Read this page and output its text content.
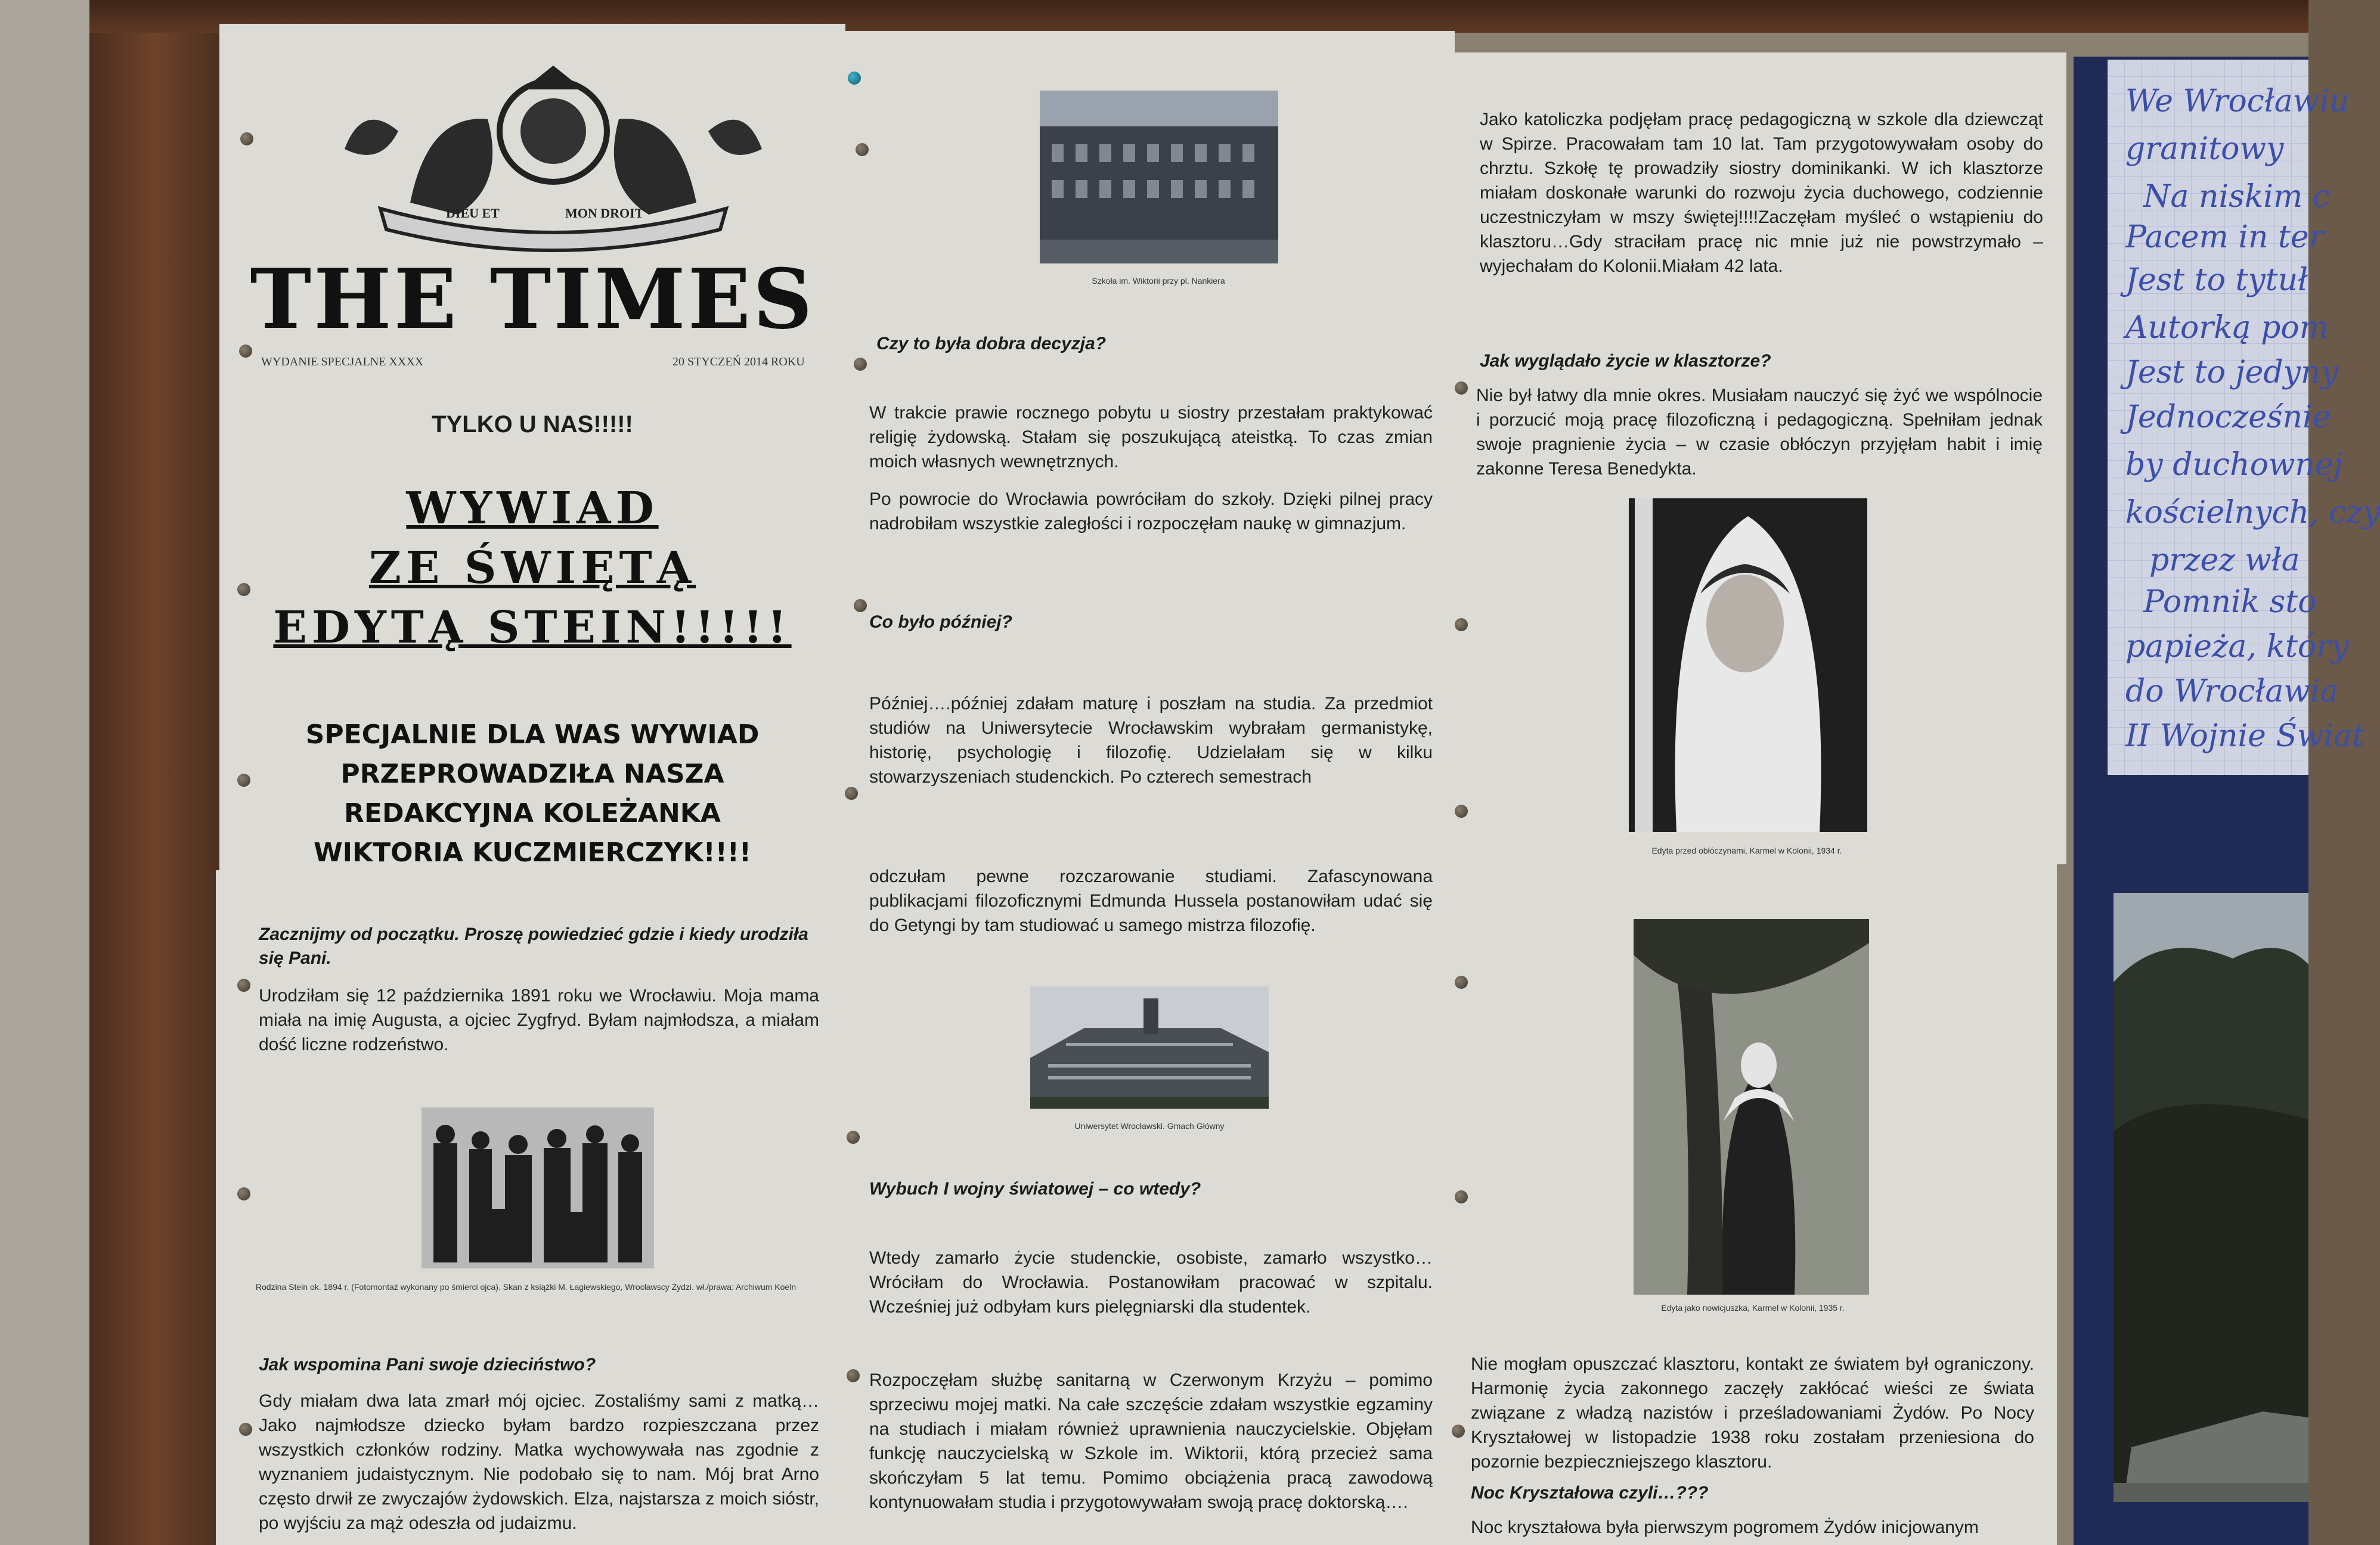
DIEU ET	MON DROIT
THE TIMES
WYDANIE SPECJALNE XXXX	20 STYCZEŃ 2014 ROKU
TYLKO U NAS!!!!!
WYWIAD
ZE ŚWIĘTĄ
EDYTĄ STEIN!!!!!
SPECJALNIE DLA WAS WYWIAD
PRZEPROWADZIŁA NASZA
REDAKCYJNA KOLEŻANKA
WIKTORIA KUCZMIERCZYK!!!!
Zacznijmy od początku. Proszę powiedzieć gdzie i kiedy urodziła się Pani.
Urodziłam się 12 października 1891 roku we Wrocławiu. Moja mama miała na imię Augusta, a ojciec Zygfryd. Byłam najmłodsza, a miałam dość liczne rodzeństwo.
Rodzina Stein ok. 1894 r. (Fotomontaż wykonany po śmierci ojca). Skan z książki M. Łagiewskiego, Wrocławscy Żydzi. wł./prawa: Archiwum Koeln
Jak wspomina Pani swoje dzieciństwo?
Gdy miałam dwa lata zmarł mój ojciec. Zostaliśmy sami z matką…Jako najmłodsze dziecko byłam bardzo rozpieszczana przez wszystkich członków rodziny. Matka wychowywała nas zgodnie z wyznaniem judaistycznym. Nie podobało się to nam. Mój brat Arno często drwił ze zwyczajów żydowskich. Elza, najstarsza z moich sióstr, po wyjściu za mąż odeszła od judaizmu.
Szkoła im. Wiktorii przy pl. Nankiera
Czy to była dobra decyzja?
W trakcie prawie rocznego pobytu u siostry przestałam praktykować religię żydowską. Stałam się poszukującą ateistką. To czas zmian moich własnych wewnętrznych.
Po powrocie do Wrocławia powróciłam do szkoły. Dzięki pilnej pracy nadrobiłam wszystkie zaległości i rozpoczęłam naukę w gimnazjum.
Co było później?
Później….później zdałam maturę i poszłam na studia. Za przedmiot studiów na Uniwersytecie Wrocławskim wybrałam germanistykę, historię, psychologię i filozofię. Udzielałam się w kilku stowarzyszeniach studenckich. Po czterech semestrach
odczułam pewne rozczarowanie studiami. Zafascynowana publikacjami filozoficznymi Edmunda Hussela postanowiłam udać się do Getyngi by tam studiować u samego mistrza filozofię.
Uniwersytet Wrocławski. Gmach Główny
Wybuch I wojny światowej – co wtedy?
Wtedy zamarło życie studenckie, osobiste, zamarło wszystko…Wróciłam do Wrocławia. Postanowiłam pracować w szpitalu. Wcześniej już odbyłam kurs pielęgniarski dla studentek.
Rozpoczęłam służbę sanitarną w Czerwonym Krzyżu – pomimo sprzeciwu mojej matki. Na całe szczęście zdałam wszystkie egzaminy na studiach i miałam również uprawnienia nauczycielskie. Objęłam funkcję nauczycielską w Szkole im. Wiktorii, którą przecież sama skończyłam 5 lat temu. Pomimo obciążenia pracą zawodową kontynuowałam studia i przygotowywałam swoją pracę doktorską….
Jako katoliczka podjęłam pracę pedagogiczną w szkole dla dziewcząt w Spirze. Pracowałam tam 10 lat. Tam przygotowywałam osoby do chrztu. Szkołę tę prowadziły siostry dominikanki. W ich klasztorze miałam doskonałe warunki do rozwoju życia duchowego, codziennie uczestniczyłam w mszy świętej!!!!Zaczęłam myśleć o wstąpieniu do klasztoru…Gdy straciłam pracę nic mnie już nie powstrzymało – wyjechałam do Kolonii.Miałam 42 lata.
Jak wyglądało życie w klasztorze?
Nie był łatwy dla mnie okres. Musiałam nauczyć się żyć we wspólnocie i porzucić moją pracę filozoficzną i pedagogiczną. Spełniłam jednak swoje pragnienie życia – w czasie obłóczyn przyjęłam habit i imię zakonne Teresa Benedykta.
Edyta przed obłóczynami, Karmel w Kolonii, 1934 r.
Edyta jako nowicjuszka, Karmel w Kolonii, 1935 r.
Nie mogłam opuszczać klasztoru, kontakt ze światem był ograniczony. Harmonię życia zakonnego zaczęły zakłócać wieści ze świata związane z władzą nazistów i prześladowaniami Żydów. Po Nocy Kryształowej w listopadzie 1938 roku zostałam przeniesiona do pozornie bezpieczniejszego klasztoru.
Noc Kryształowa czyli…???
Noc kryształowa była pierwszym pogromem Żydów inicjowanym
We Wrocławiu
granitowy
Na niskim c
Pacem in ter
Jest to tytuł
Autorką pom
Jest to jedyny
Jednocześnie
by duchownej
kościelnych, czy
przez wła
Pomnik sto
papieża, który
do Wrocławia
II Wojnie Świat
